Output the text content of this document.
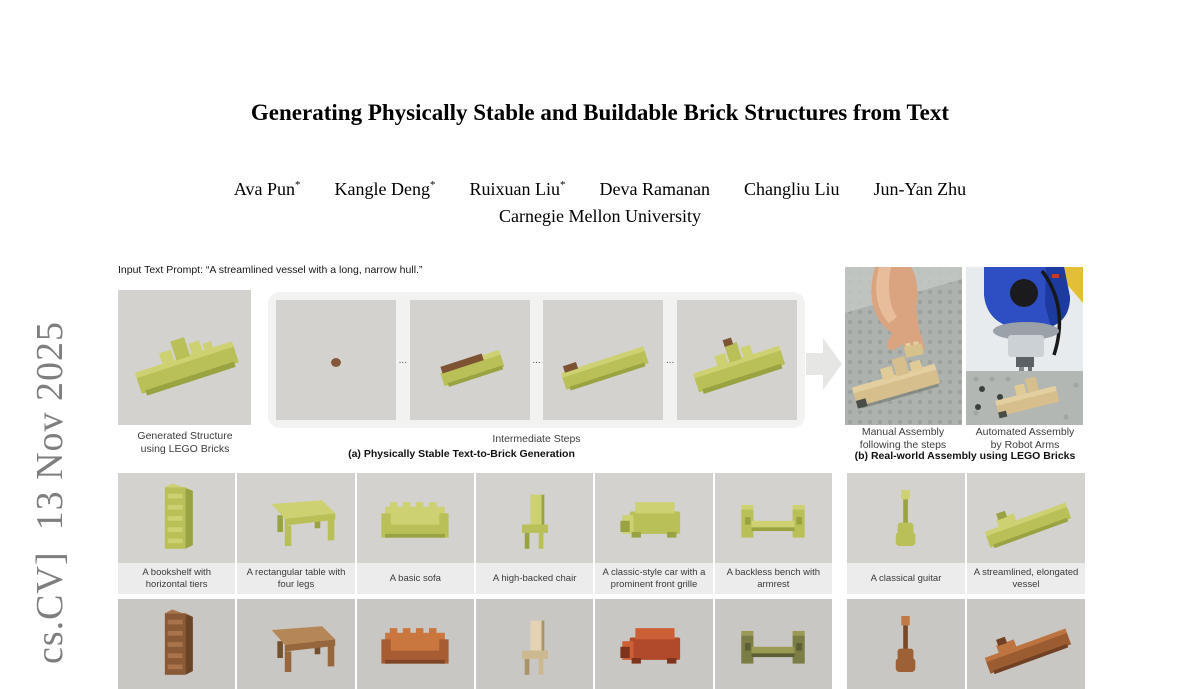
cs.CV]  13 Nov 2025
Generating Physically Stable and Buildable Brick Structures from Text
Ava Pun* Kangle Deng* Ruixuan Liu* Deva Ramanan Changliu Liu Jun-Yan Zhu
Carnegie Mellon University
Input Text Prompt: “A streamlined vessel with a long, narrow hull.”
Generated Structure
using LEGO Bricks
...	...	...
Intermediate Steps
(a) Physically Stable Text-to-Brick Generation
Manual Assembly
following the steps
Automated Assembly
by Robot Arms
(b) Real-world Assembly using LEGO Bricks
A bookshelf with horizontal tiers
A rectangular table with four legs
A basic sofa	A high-backed chair
A classic-style car with a prominent front grille
A backless bench with armrest
A classical guitar
A streamlined, elongated vessel
